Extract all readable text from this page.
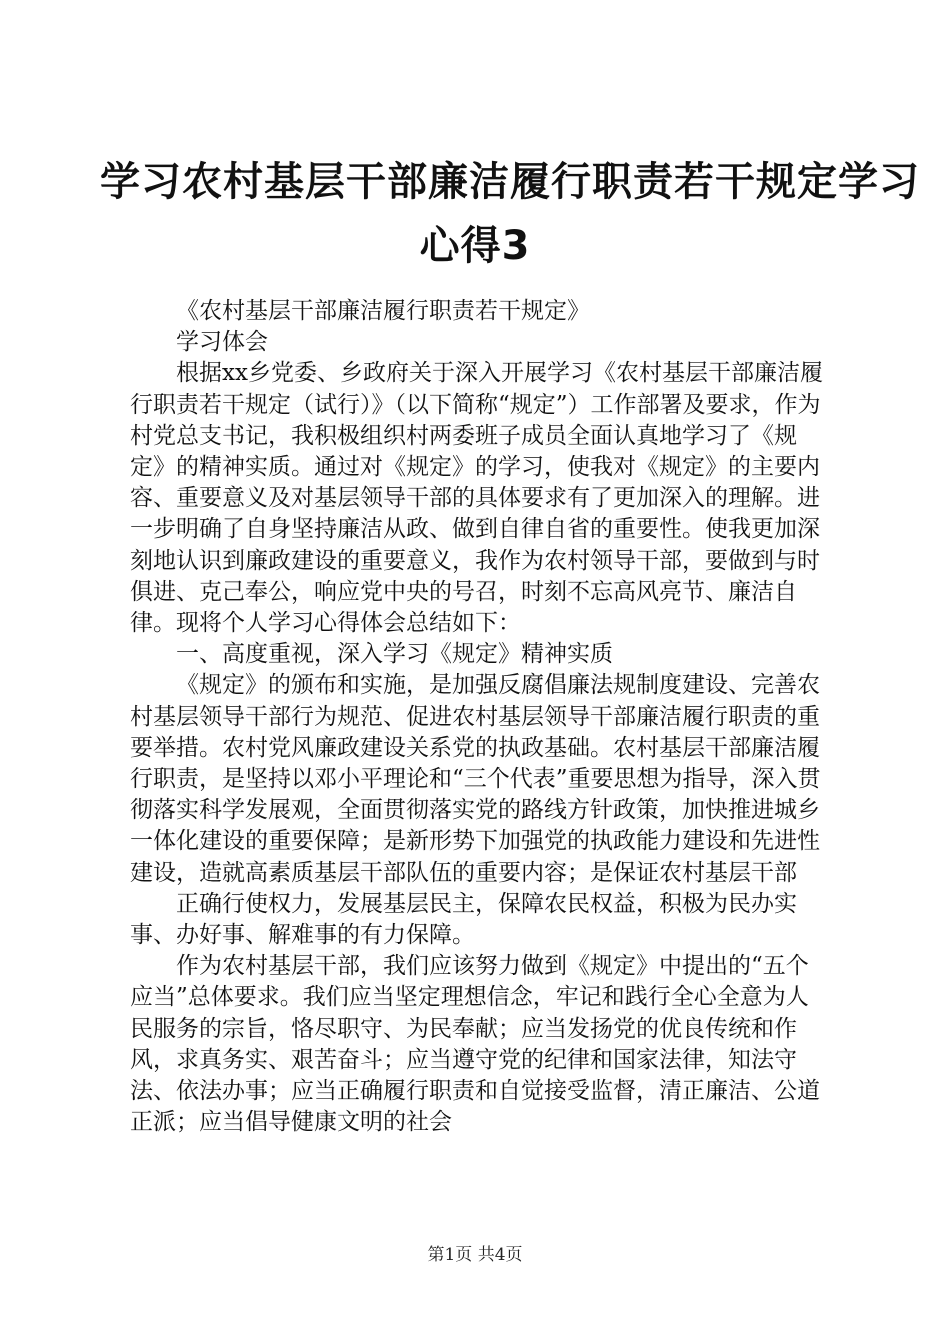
学习农村基层干部廉洁履行职责若干规定学习
心得3

《农村基层干部廉洁履行职责若干规定》

学习体会

根据xx乡党委、乡政府关于深入开展学习《农村基层干部廉洁履行职责若干规定（试行）》（以下简称“规定”）工作部署及要求，作为村党总支书记，我积极组织村两委班子成员全面认真地学习了《规定》的精神实质。通过对《规定》的学习，使我对《规定》的主要内容、重要意义及对基层领导干部的具体要求有了更加深入的理解。进一步明确了自身坚持廉洁从政、做到自律自省的重要性。使我更加深刻地认识到廉政建设的重要意义，我作为农村领导干部，要做到与时俱进、克己奉公，响应党中央的号召，时刻不忘高风亮节、廉洁自律。现将个人学习心得体会总结如下：

一、高度重视，深入学习《规定》精神实质

《规定》的颁布和实施，是加强反腐倡廉法规制度建设、完善农村基层领导干部行为规范、促进农村基层领导干部廉洁履行职责的重要举措。农村党风廉政建设关系党的执政基础。农村基层干部廉洁履行职责，是坚持以邓小平理论和“三个代表”重要思想为指导，深入贯彻落实科学发展观，全面贯彻落实党的路线方针政策，加快推进城乡一体化建设的重要保障；是新形势下加强党的执政能力建设和先进性建设，造就高素质基层干部队伍的重要内容；是保证农村基层干部

正确行使权力，发展基层民主，保障农民权益，积极为民办实事、办好事、解难事的有力保障。

作为农村基层干部，我们应该努力做到《规定》中提出的“五个应当”总体要求。我们应当坚定理想信念，牢记和践行全心全意为人民服务的宗旨，恪尽职守、为民奉献；应当发扬党的优良传统和作风，求真务实、艰苦奋斗；应当遵守党的纪律和国家法律，知法守法、依法办事；应当正确履行职责和自觉接受监督，清正廉洁、公道正派；应当倡导健康文明的社会

第1页 共4页
